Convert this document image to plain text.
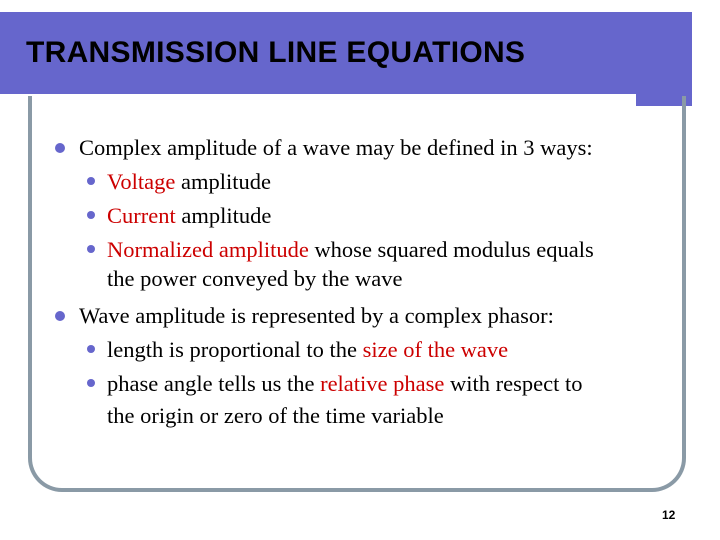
TRANSMISSION LINE EQUATIONS
Complex amplitude of a wave may be defined in 3 ways:
Voltage amplitude
Current amplitude
Normalized amplitude whose squared modulus equals
the power conveyed by the wave
Wave amplitude is represented by a complex phasor:
length is proportional to the size of the wave
phase angle tells us the relative phase with respect to
the origin or zero of the time variable
12
